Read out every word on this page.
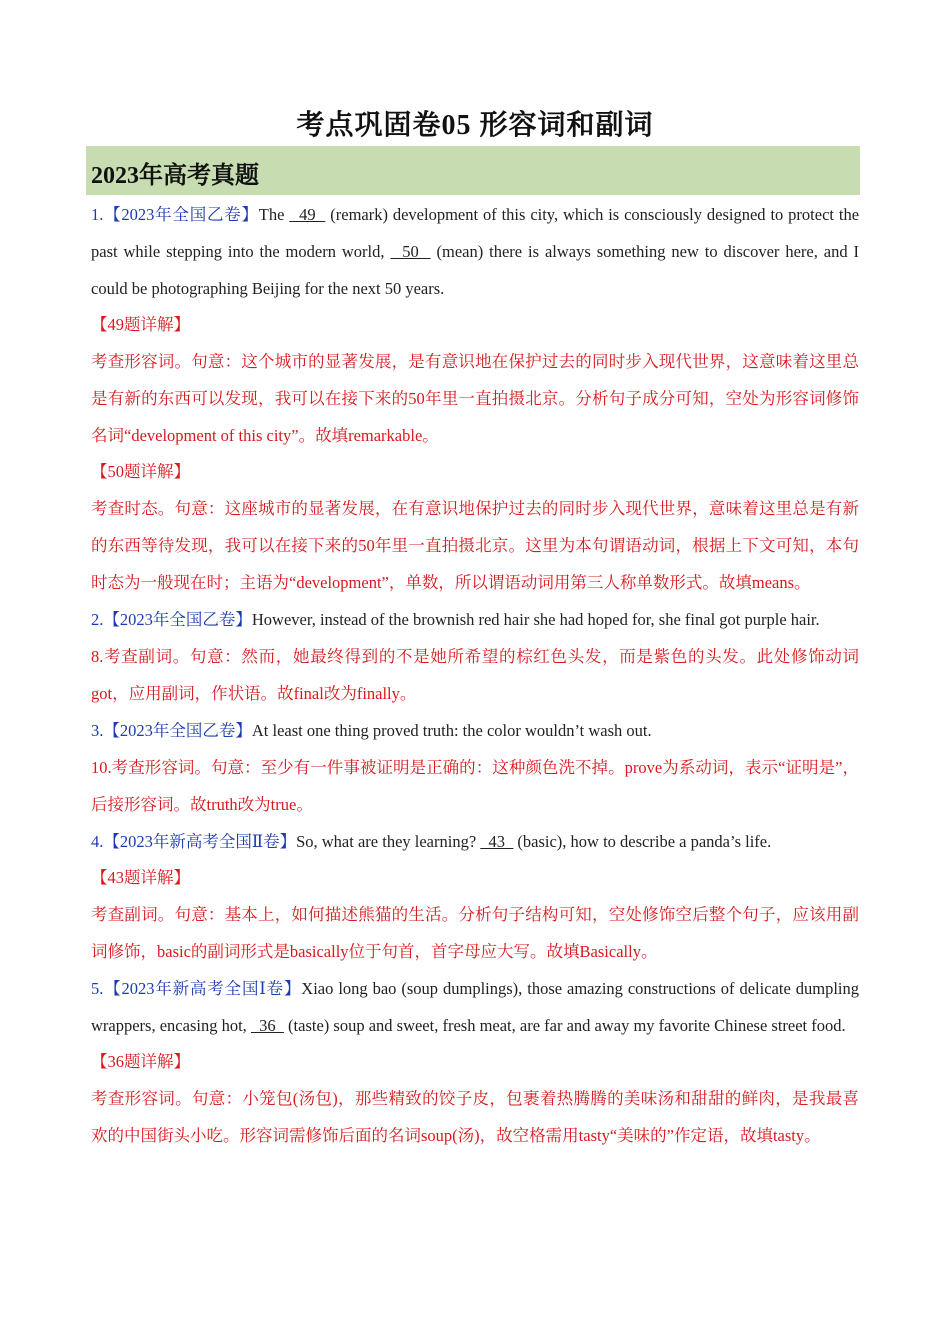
考点巩固卷05 形容词和副词
2023年高考真题

1.【2023年全国乙卷】The   49   (remark) development of this city, which is consciously designed to protect the past while stepping into the modern world,   50   (mean) there is always something new to discover here, and I could be photographing Beijing for the next 50 years.

【49题详解】

考查形容词。句意：这个城市的显著发展，是有意识地在保护过去的同时步入现代世界，这意味着这里总是有新的东西可以发现，我可以在接下来的50年里一直拍摄北京。分析句子成分可知，空处为形容词修饰名词“development of this city”。故填remarkable。

【50题详解】

考查时态。句意：这座城市的显著发展，在有意识地保护过去的同时步入现代世界，意味着这里总是有新的东西等待发现，我可以在接下来的50年里一直拍摄北京。这里为本句谓语动词，根据上下文可知，本句时态为一般现在时；主语为“development”，单数，所以谓语动词用第三人称单数形式。故填means。

2.【2023年全国乙卷】However, instead of the brownish red hair she had hoped for, she final got purple hair.

8.考查副词。句意：然而，她最终得到的不是她所希望的棕红色头发，而是紫色的头发。此处修饰动词got，应用副词，作状语。故final改为finally。

3.【2023年全国乙卷】At least one thing proved truth: the color wouldn’t wash out.

10.考查形容词。句意：至少有一件事被证明是正确的：这种颜色洗不掉。prove为系动词，表示“证明是”，后接形容词。故truth改为true。

4.【2023年新高考全国Ⅱ卷】So, what are they learning?   43   (basic), how to describe a panda’s life.

【43题详解】

考查副词。句意：基本上，如何描述熊猫的生活。分析句子结构可知，空处修饰空后整个句子，应该用副词修饰，basic的副词形式是basically位于句首，首字母应大写。故填Basically。

5.【2023年新高考全国Ⅰ卷】Xiao long bao (soup dumplings), those amazing constructions of delicate dumpling wrappers, encasing hot,   36   (taste) soup and sweet, fresh meat, are far and away my favorite Chinese street food.

【36题详解】

考查形容词。句意：小笼包(汤包)，那些精致的饺子皮，包裹着热腾腾的美味汤和甜甜的鲜肉，是我最喜欢的中国街头小吃。形容词需修饰后面的名词soup(汤)，故空格需用tasty“美味的”作定语，故填tasty。
